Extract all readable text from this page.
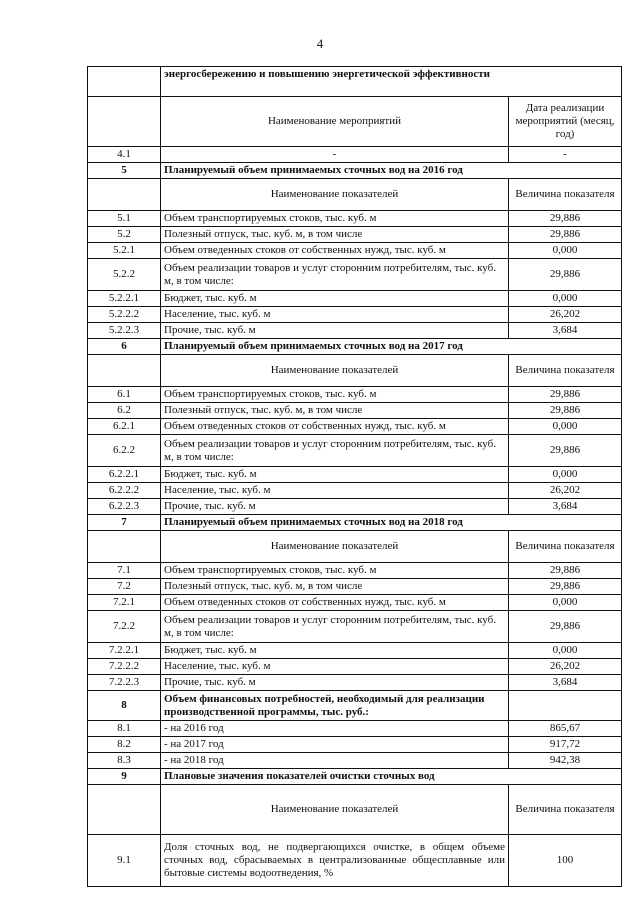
4
	энергосбережению и повышению энергетической эффективности	
	Наименование мероприятий	Дата реализации мероприятий (месяц, год)
4.1	-	-
5	Планируемый объем принимаемых сточных вод на 2016 год	
	Наименование показателей	Величина показателя
5.1	Объем транспортируемых стоков, тыс. куб. м	29,886
5.2	Полезный отпуск, тыс. куб. м, в том числе	29,886
5.2.1	Объем отведенных стоков от собственных нужд, тыс. куб. м	0,000
5.2.2	Объем реализации товаров и услуг сторонним потребителям, тыс. куб. м, в том числе:	29,886
5.2.2.1	Бюджет, тыс. куб. м	0,000
5.2.2.2	Население, тыс. куб. м	26,202
5.2.2.3	Прочие, тыс. куб. м	3,684
6	Планируемый объем принимаемых сточных вод на 2017 год	
	Наименование показателей	Величина показателя
6.1	Объем транспортируемых стоков, тыс. куб. м	29,886
6.2	Полезный отпуск, тыс. куб. м, в том числе	29,886
6.2.1	Объем отведенных стоков от собственных нужд, тыс. куб. м	0,000
6.2.2	Объем реализации товаров и услуг сторонним потребителям, тыс. куб. м, в том числе:	29,886
6.2.2.1	Бюджет, тыс. куб. м	0,000
6.2.2.2	Население, тыс. куб. м	26,202
6.2.2.3	Прочие, тыс. куб. м	3,684
7	Планируемый объем принимаемых сточных вод на 2018 год	
	Наименование показателей	Величина показателя
7.1	Объем транспортируемых стоков, тыс. куб. м	29,886
7.2	Полезный отпуск, тыс. куб. м, в том числе	29,886
7.2.1	Объем отведенных стоков от собственных нужд, тыс. куб. м	0,000
7.2.2	Объем реализации товаров и услуг сторонним потребителям, тыс. куб. м, в том числе:	29,886
7.2.2.1	Бюджет, тыс. куб. м	0,000
7.2.2.2	Население, тыс. куб. м	26,202
7.2.2.3	Прочие, тыс. куб. м	3,684
8	Объем финансовых потребностей, необходимый для реализации производственной программы, тыс. руб.:	
8.1	- на 2016 год	865,67
8.2	- на 2017 год	917,72
8.3	- на 2018 год	942,38
9	Плановые значения показателей очистки сточных вод	
	Наименование показателей	Величина показателя
9.1	Доля сточных вод, не подвергающихся очистке, в общем объеме сточных вод, сбрасываемых в централизованные общесплавные или бытовые системы водоотведения, %	100
